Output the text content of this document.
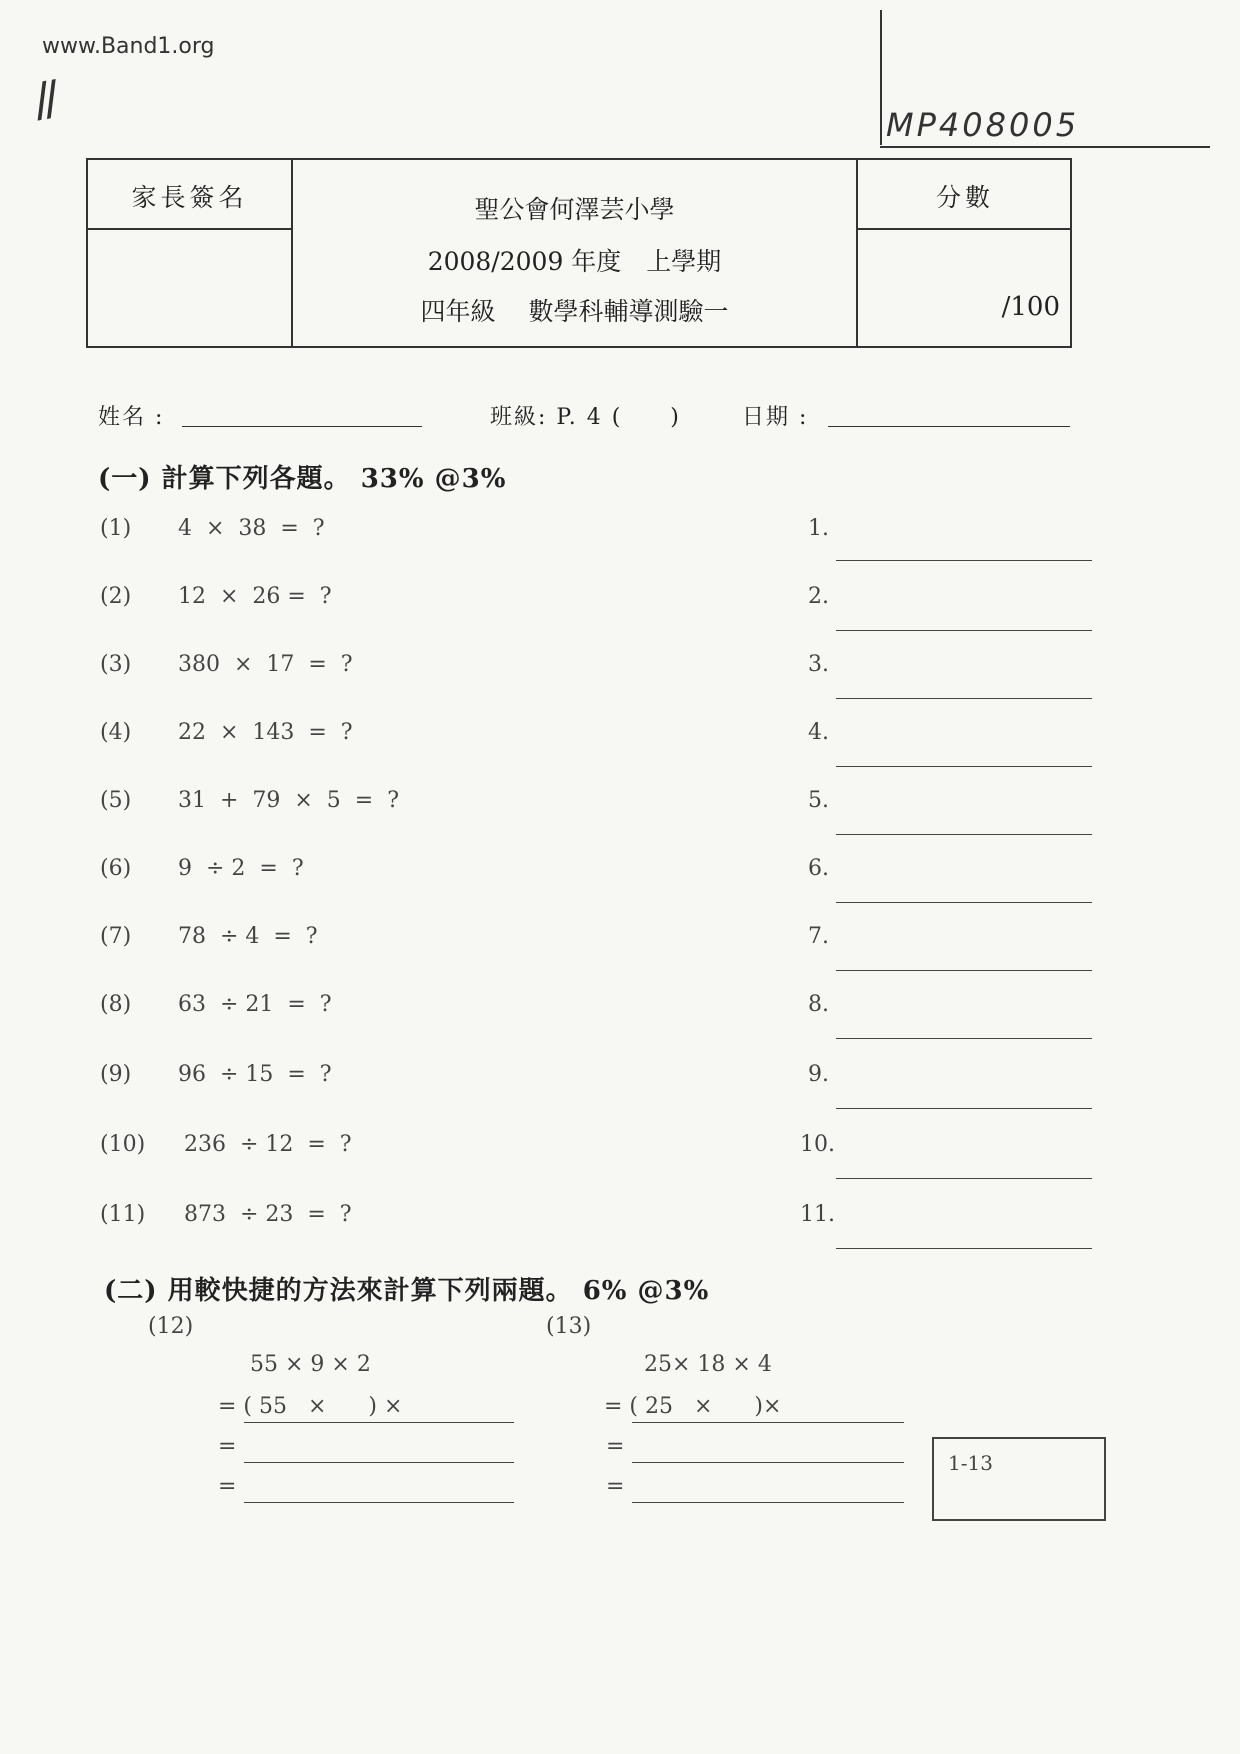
www.Band1.org
//	MP408005
家長簽名	聖公會何澤芸小學
2008/2009 年度　上學期
四年級　 數學科輔導測驗一
分數
/100
姓名 :	班級: P. 4 (　　)	日期 :
(一) 計算下列各題。 33% @3%
(1) 4  ×  38  =  ?	1.
(2) 12  ×  26 =  ?	2.
(3) 380  ×  17  =  ?	3.
(4) 22  ×  143  =  ?	4.
(5) 31  +  79  ×  5  =  ?	5.
(6) 9  ÷ 2  =  ?	6.
(7) 78  ÷ 4  =  ?	7.
(8) 63  ÷ 21  =  ?	8.
(9) 96  ÷ 15  =  ?	9.
(10) 236  ÷ 12  =  ?	10.
(11) 873  ÷ 23  =  ?	11.
(二) 用較快捷的方法來計算下列兩題。 6% @3%
(12)
55 × 9 × 2
= ( 55   ×      ) ×
=
=
(13)
25× 18 × 4
= ( 25   ×      )×
=
=
1-13
